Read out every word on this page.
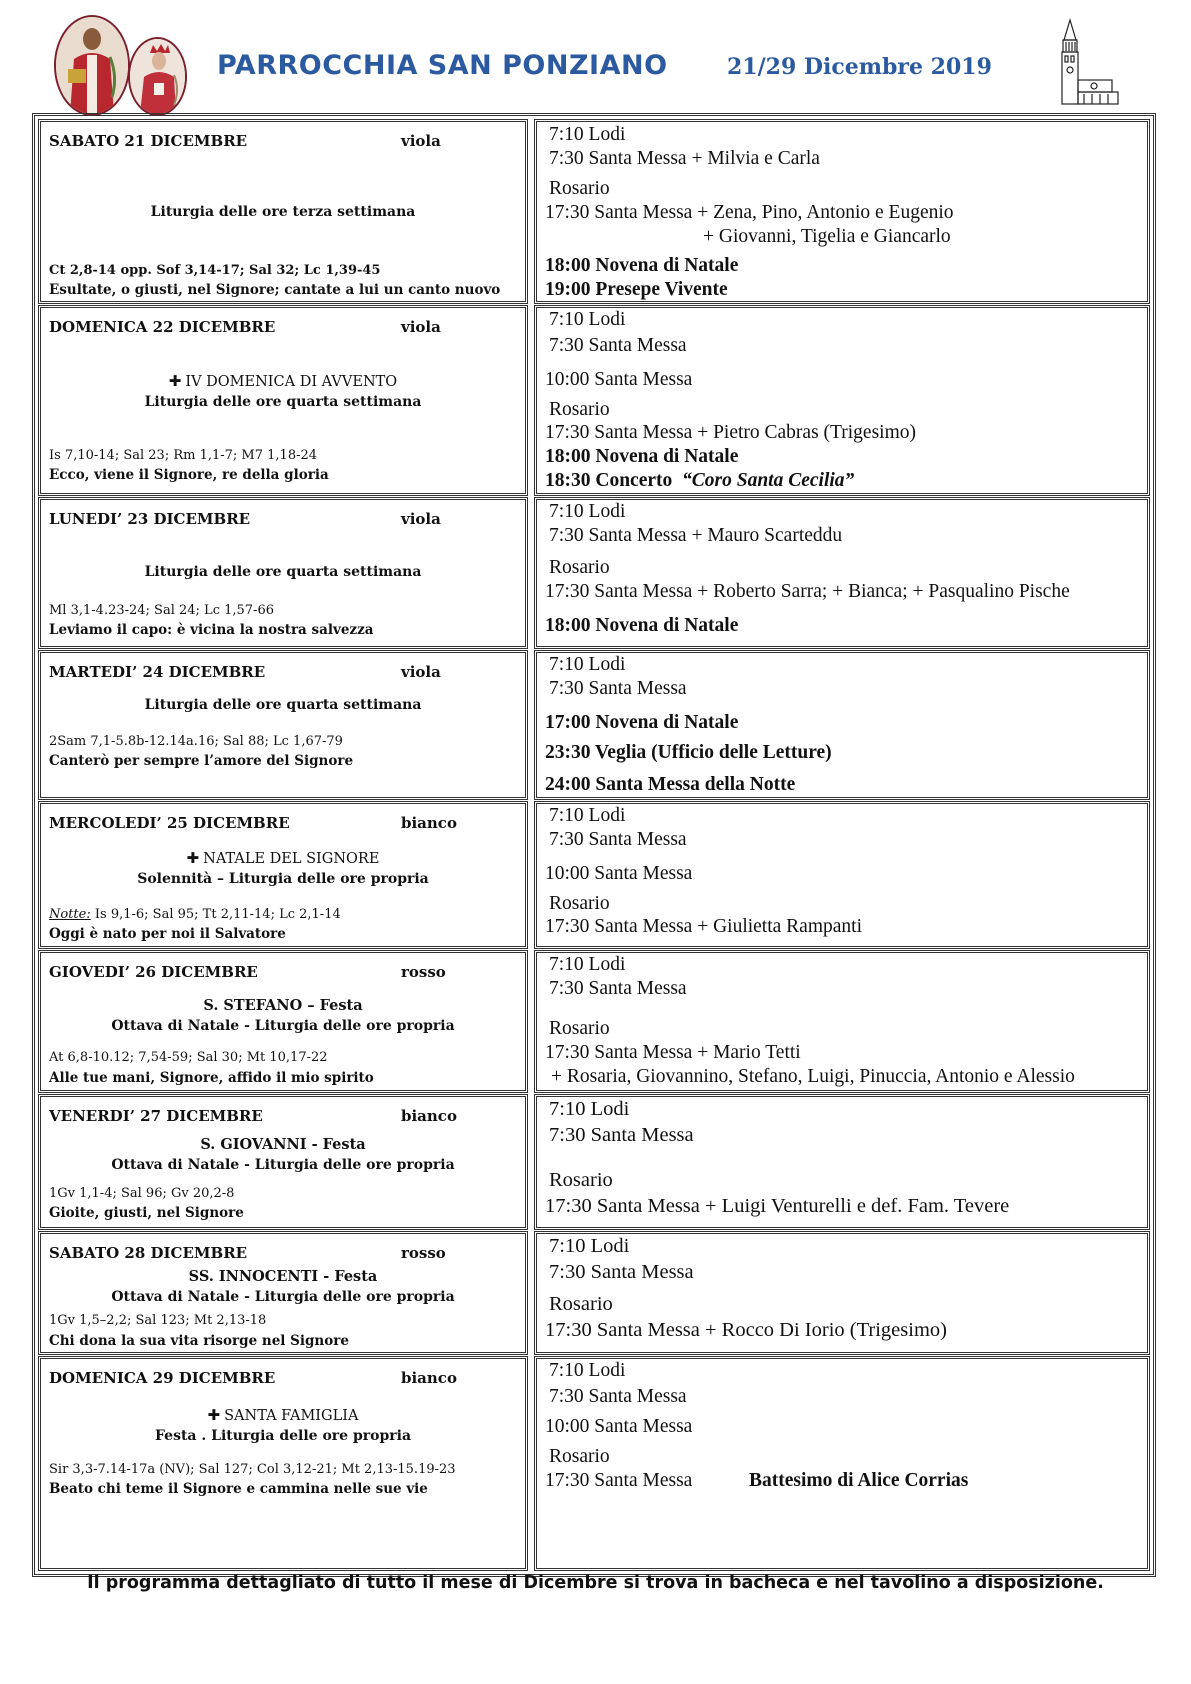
PARROCCHIA SAN PONZIANO	21/29 Dicembre 2019
SABATO 21 DICEMBRE	viola
Liturgia delle ore terza settimana
Ct 2,8-14 opp. Sof 3,14-17; Sal 32; Lc 1,39-45
Esultate, o giusti, nel Signore; cantate a lui un canto nuovo
7:10 Lodi
7:30 Santa Messa + Milvia e Carla
Rosario
17:30 Santa Messa + Zena, Pino, Antonio e Eugenio
+ Giovanni, Tigelia e Giancarlo
18:00 Novena di Natale
19:00 Presepe Vivente
DOMENICA 22 DICEMBRE	viola
✚ IV DOMENICA DI AVVENTO
Liturgia delle ore quarta settimana
Is 7,10-14; Sal 23; Rm 1,1-7; M7 1,18-24
Ecco, viene il Signore, re della gloria
7:10 Lodi
7:30 Santa Messa
10:00 Santa Messa
Rosario
17:30 Santa Messa + Pietro Cabras (Trigesimo)
18:00 Novena di Natale
18:30 Concerto “Coro Santa Cecilia”
LUNEDI’ 23 DICEMBRE	viola
Liturgia delle ore quarta settimana
Ml 3,1-4.23-24; Sal 24; Lc 1,57-66
Leviamo il capo: è vicina la nostra salvezza
7:10 Lodi
7:30 Santa Messa + Mauro Scarteddu
Rosario
17:30 Santa Messa + Roberto Sarra; + Bianca; + Pasqualino Pische
18:00 Novena di Natale
MARTEDI’ 24 DICEMBRE	viola
Liturgia delle ore quarta settimana
2Sam 7,1-5.8b-12.14a.16; Sal 88; Lc 1,67-79
Canterò per sempre l’amore del Signore
7:10 Lodi
7:30 Santa Messa
17:00 Novena di Natale
23:30 Veglia (Ufficio delle Letture)
24:00 Santa Messa della Notte
MERCOLEDI’ 25 DICEMBRE	bianco
✚ NATALE DEL SIGNORE
Solennità – Liturgia delle ore propria
Notte: Is 9,1-6; Sal 95; Tt 2,11-14; Lc 2,1-14
Oggi è nato per noi il Salvatore
7:10 Lodi
7:30 Santa Messa
10:00 Santa Messa
Rosario
17:30 Santa Messa + Giulietta Rampanti
GIOVEDI’ 26 DICEMBRE	rosso
S. STEFANO – Festa
Ottava di Natale - Liturgia delle ore propria
At 6,8-10.12; 7,54-59; Sal 30; Mt 10,17-22
Alle tue mani, Signore, affido il mio spirito
7:10 Lodi
7:30 Santa Messa
Rosario
17:30 Santa Messa + Mario Tetti
+ Rosaria, Giovannino, Stefano, Luigi, Pinuccia, Antonio e Alessio
VENERDI’ 27 DICEMBRE	bianco
S. GIOVANNI - Festa
Ottava di Natale - Liturgia delle ore propria
1Gv 1,1-4; Sal 96; Gv 20,2-8
Gioite, giusti, nel Signore
7:10 Lodi
7:30 Santa Messa
Rosario
17:30 Santa Messa + Luigi Venturelli e def. Fam. Tevere
SABATO 28 DICEMBRE	rosso
SS. INNOCENTI - Festa
Ottava di Natale - Liturgia delle ore propria
1Gv 1,5–2,2; Sal 123; Mt 2,13-18
Chi dona la sua vita risorge nel Signore
7:10 Lodi
7:30 Santa Messa
Rosario
17:30 Santa Messa + Rocco Di Iorio (Trigesimo)
DOMENICA 29 DICEMBRE	bianco
✚ SANTA FAMIGLIA
Festa . Liturgia delle ore propria
Sir 3,3-7.14-17a (NV); Sal 127; Col 3,12-21; Mt 2,13-15.19-23
Beato chi teme il Signore e cammina nelle sue vie
7:10 Lodi
7:30 Santa Messa
10:00 Santa Messa
Rosario
17:30 Santa Messa	Battesimo di Alice Corrias
Il programma dettagliato di tutto il mese di Dicembre si trova in bacheca e nel tavolino a disposizione.
